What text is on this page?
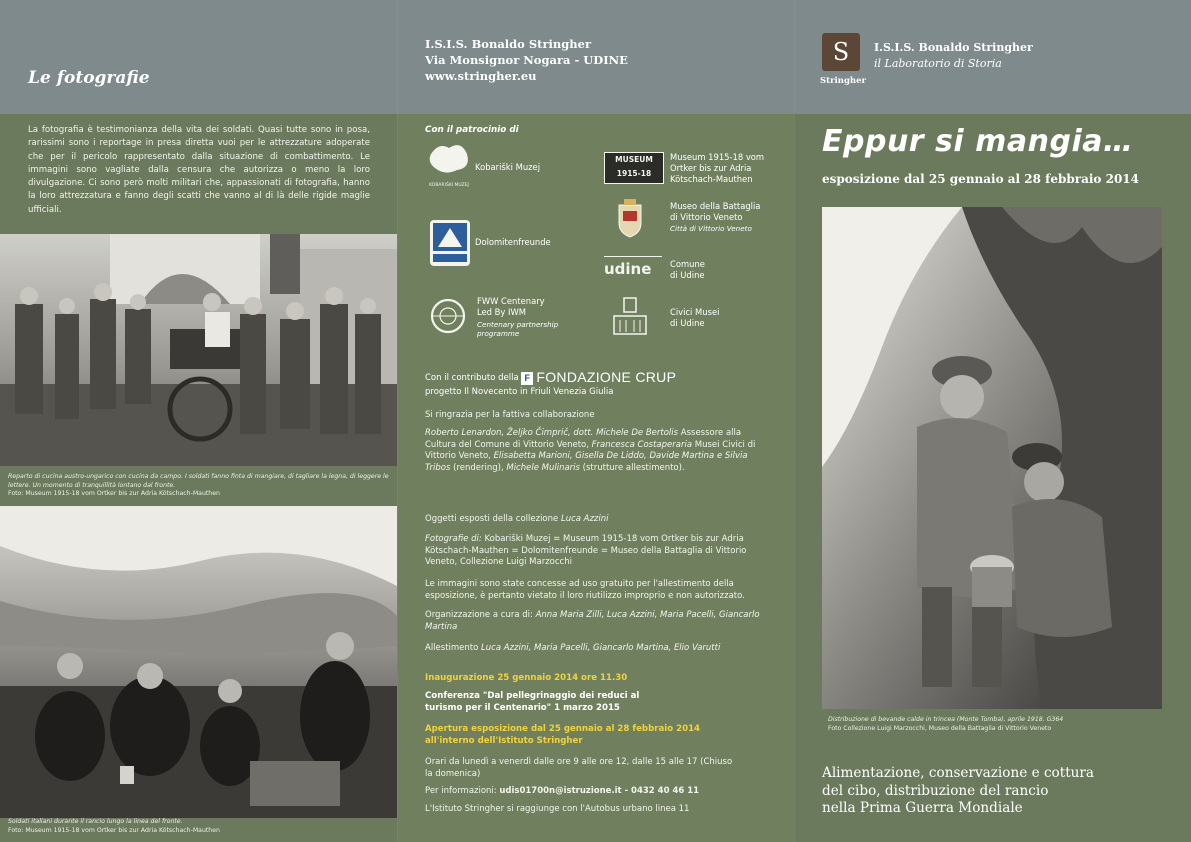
Le fotografie
I.S.I.S. Bonaldo Stringher
Via Monsignor Nogara - UDINE
www.stringher.eu
S
Stringher
I.S.I.S. Bonaldo Stringher
il Laboratorio di Storia
La fotografia è testimonianza della vita dei soldati. Quasi tutte sono in posa, rarissimi sono i reportage in presa diretta vuoi per le attrezzature adoperate che per il pericolo rappresentato dalla situazione di combattimento. Le immagini sono vagliate dalla censura che autorizza o meno la loro divulgazione. Ci sono però molti militari che, appassionati di fotografia, hanno la loro attrezzatura e fanno degli scatti che vanno al di là delle rigide maglie ufficiali.
Reparto di cucina austro-ungarico con cucina da campo. I soldati fanno finta di mangiare, di tagliare la legna, di leggere le lettere. Un momento di tranquillità lontano dal fronte.
Foto: Museum 1915-18 vom Ortker bis zur Adria Kötschach-Mauthen
Soldati italiani durante il rancio lungo la linea del fronte.
Foto: Museum 1915-18 vom Ortker bis zur Adria Kötschach-Mauthen
Con il patrocinio di
KOBARIŠKI MUZEJ
Kobariški Muzej
Dolomitenfreunde
FWW Centenary
Led By IWM
Centenary partnership programme
MUSEUM 1915-18
Museum 1915-18 vom
Ortker bis zur Adria
Kötschach-Mauthen
Museo della Battaglia
di Vittorio Veneto
Città di Vittorio Veneto
udine	Comune
di Udine
Civici Musei
di Udine
Con il contributo della F FONDAZIONE CRUP
progetto Il Novecento in Friuli Venezia Giulia
Si ringrazia per la fattiva collaborazione
Roberto Lenardon, Željko Čimprič, dott. Michele De Bertolis Assessore alla Cultura del Comune di Vittorio Veneto, Francesca Costaperaria Musei Civici di Vittorio Veneto, Elisabetta Marioni, Gisella De Liddo, Davide Martina e Silvia Tribos (rendering), Michele Mulinaris (strutture allestimento).
Oggetti esposti della collezione Luca Azzini
Fotografie di: Kobariški Muzej = Museum 1915-18 vom Ortker bis zur Adria Kötschach-Mauthen = Dolomitenfreunde = Museo della Battaglia di Vittorio Veneto, Collezione Luigi Marzocchi
Le immagini sono state concesse ad uso gratuito per l'allestimento della esposizione, è pertanto vietato il loro riutilizzo improprio e non autorizzato.
Organizzazione a cura di: Anna Maria Zilli, Luca Azzini, Maria Pacelli, Giancarlo Martina
Allestimento Luca Azzini, Maria Pacelli, Giancarlo Martina, Elio Varutti
Inaugurazione 25 gennaio 2014 ore 11.30
Conferenza "Dal pellegrinaggio dei reduci al turismo per il Centenario" 1 marzo 2015
Apertura esposizione dal 25 gennaio al 28 febbraio 2014 all'interno dell'Istituto Stringher
Orari da lunedì a venerdì dalle ore 9 alle ore 12, dalle 15 alle 17 (Chiuso la domenica)
Per informazioni: udis01700n@istruzione.it - 0432 40 46 11
L'Istituto Stringher si raggiunge con l'Autobus urbano linea 11
Eppur si mangia…
esposizione dal 25 gennaio al 28 febbraio 2014
Distribuzione di bevande calde in trincea (Monte Tomba), aprile 1918. G364
Foto Collezione Luigi Marzocchi, Museo della Battaglia di Vittorio Veneto
Alimentazione, conservazione e cottura
del cibo, distribuzione del rancio
nella Prima Guerra Mondiale
